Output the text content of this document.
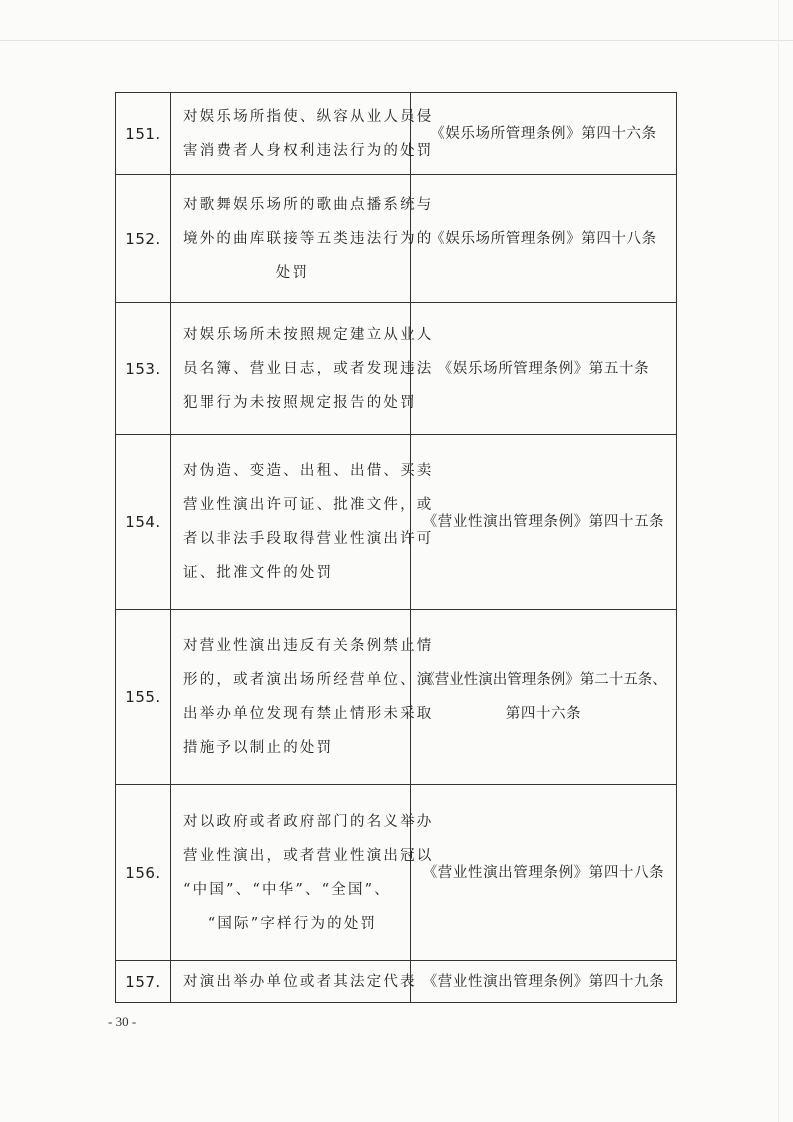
151.	对娱乐场所指使、纵容从业人员侵
害消费者人身权利违法行为的处罚	《娱乐场所管理条例》第四十六条

152.	对歌舞娱乐场所的歌曲点播系统与
境外的曲库联接等五类违法行为的
处罚	《娱乐场所管理条例》第四十八条

153.	对娱乐场所未按照规定建立从业人
员名簿、营业日志，或者发现违法
犯罪行为未按照规定报告的处罚	《娱乐场所管理条例》第五十条

154.	对伪造、变造、出租、出借、买卖
营业性演出许可证、批准文件，或
者以非法手段取得营业性演出许可
证、批准文件的处罚	《营业性演出管理条例》第四十五条

155.	对营业性演出违反有关条例禁止情
形的，或者演出场所经营单位、演
出举办单位发现有禁止情形未采取
措施予以制止的处罚	《营业性演出管理条例》第二十五条、
第四十六条

156.	对以政府或者政府部门的名义举办
营业性演出，或者营业性演出冠以
“中国”、“中华”、“全国”、
“国际”字样行为的处罚	《营业性演出管理条例》第四十八条

157.	对演出举办单位或者其法定代表	《营业性演出管理条例》第四十九条
- 30 -
